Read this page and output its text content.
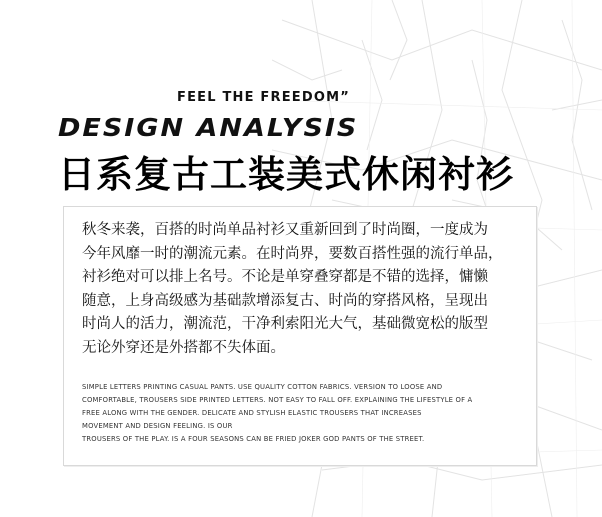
FEEL THE FREEDOM”
DESIGN ANALYSIS
日系复古工装美式休闲衬衫
秋冬来袭，百搭的时尚单品衬衫又重新回到了时尚圈，一度成为
今年风靡一时的潮流元素。在时尚界，要数百搭性强的流行单品，
衬衫绝对可以排上名号。不论是单穿叠穿都是不错的选择，慵懒
随意，上身高级感为基础款增添复古、时尚的穿搭风格，呈现出
时尚人的活力，潮流范，干净利索阳光大气，基础微宽松的版型
无论外穿还是外搭都不失体面。
SIMPLE LETTERS PRINTING CASUAL PANTS. USE QUALITY COTTON FABRICS. VERSION TO LOOSE AND
COMFORTABLE, TROUSERS SIDE PRINTED LETTERS. NOT EASY TO FALL OFF. EXPLAINING THE LIFESTYLE OF A
FREE ALONG WITH THE GENDER. DELICATE AND STYLISH ELASTIC TROUSERS THAT INCREASES
MOVEMENT AND DESIGN FEELING. IS OUR
TROUSERS OF THE PLAY. IS A FOUR SEASONS CAN BE FRIED JOKER GOD PANTS OF THE STREET.
